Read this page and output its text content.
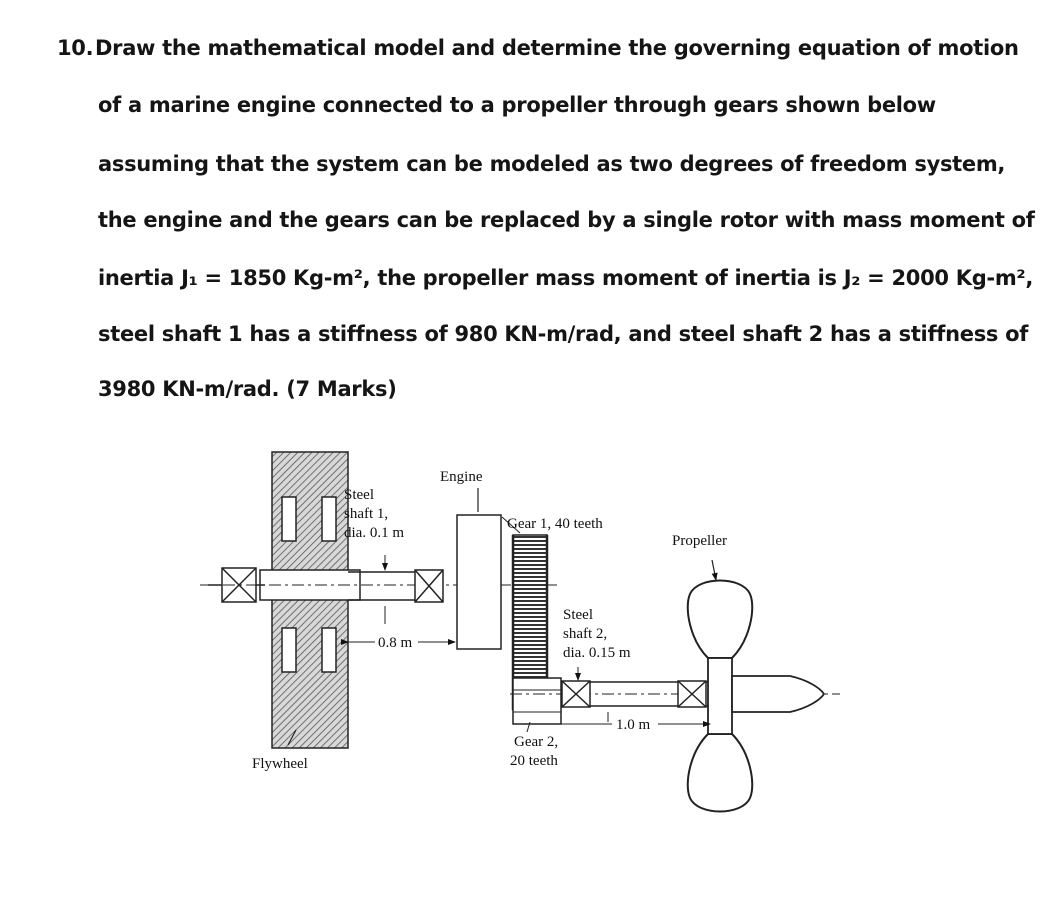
10. Draw the mathematical model and determine the governing equation of motion
of a marine engine connected to a propeller through gears shown below
assuming that the system can be modeled as two degrees of freedom system,
the engine and the gears can be replaced by a single rotor with mass moment of
inertia J₁ = 1850 Kg-m², the propeller mass moment of inertia is J₂ = 2000 Kg-m²,
steel shaft 1 has a stiffness of 980 KN-m/rad, and steel shaft 2 has a stiffness of
3980 KN-m/rad. (7 Marks)
Engine
Steel
shaft 1,
dia. 0.1 m
Gear 1, 40 teeth
Propeller
Steel
shaft 2,
dia. 0.15 m
0.8 m
1.0 m
Gear 2,
20 teeth
Flywheel
